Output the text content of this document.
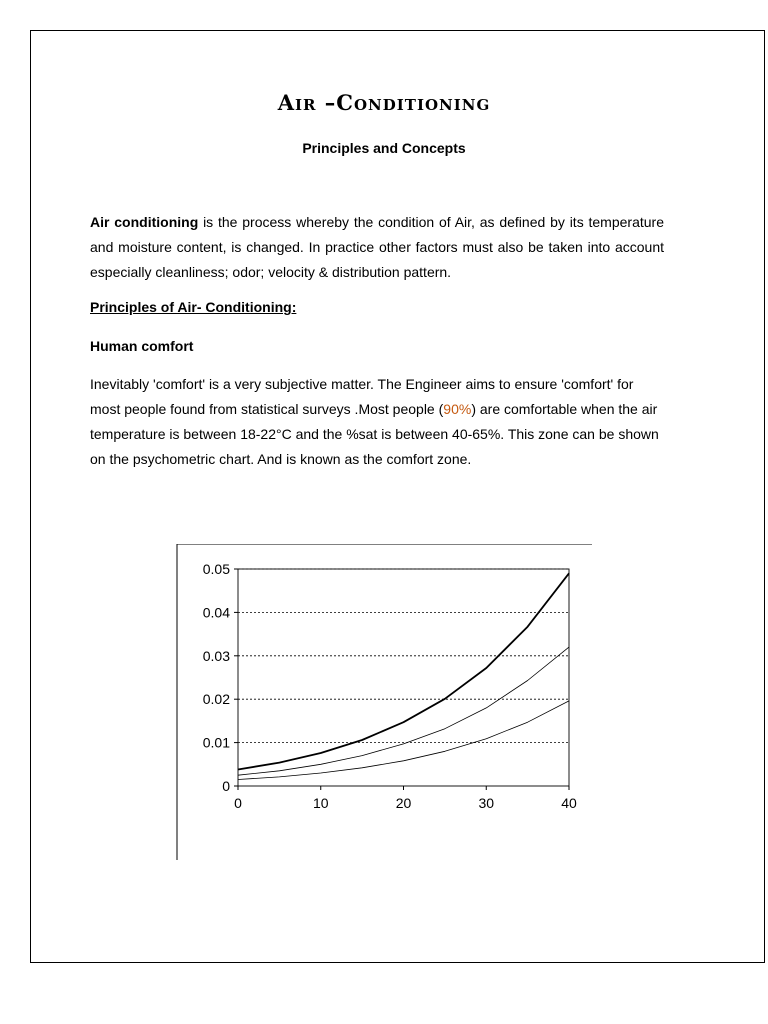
Air –Conditioning
Principles and Concepts
Air conditioning is the process whereby the condition of Air, as defined by its temperature and moisture content, is changed. In practice other factors must also be taken into account especially cleanliness; odor; velocity & distribution pattern.
Principles of Air- Conditioning:
Human comfort
Inevitably 'comfort' is a very subjective matter. The Engineer aims to ensure 'comfort' for most people found from statistical surveys .Most people (90%) are comfortable when the air temperature is between 18-22°C and the %sat is between 40-65%. This zone can be shown on the psychometric chart. And is known as the comfort zone.
0
0.01
0.02
0.03
0.04
0.05
0	10	20	30	40
